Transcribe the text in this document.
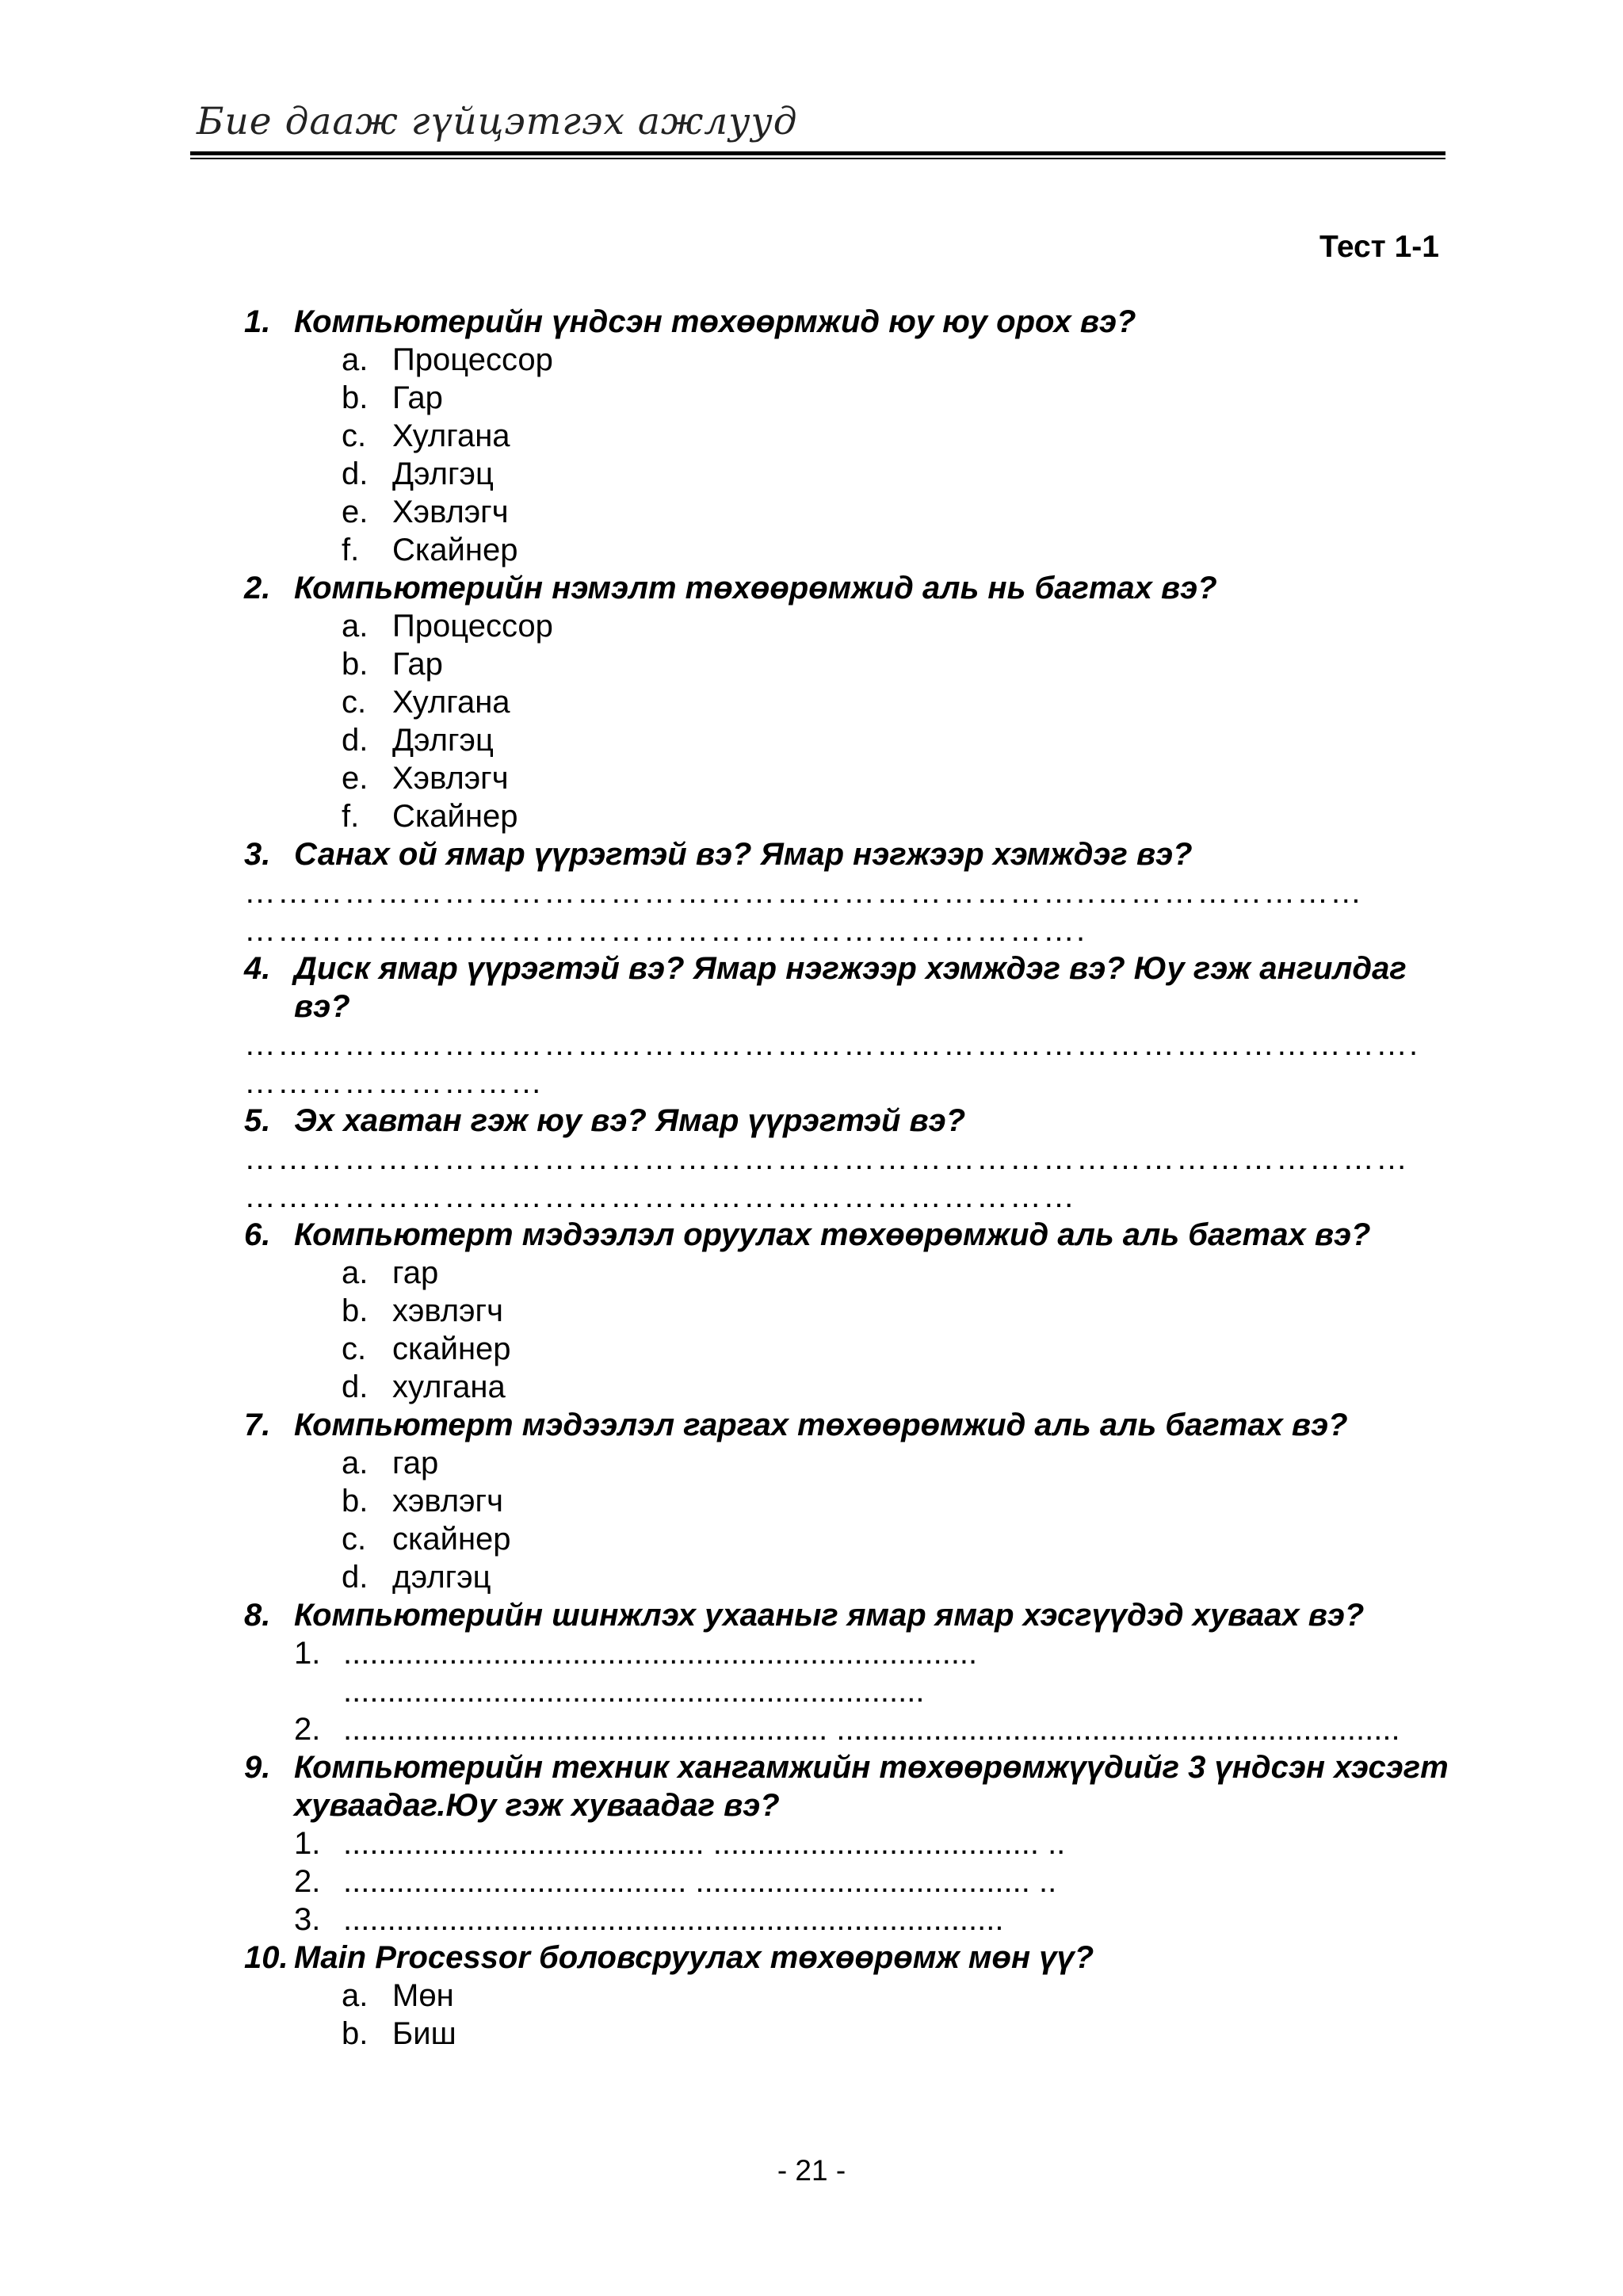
Бие дааж гүйцэтгэх ажлууд
Тест 1-1
1. Компьютерийн үндсэн төхөөрмжид юу юу орох вэ?
a. Процессор
b. Гар
c. Хулгана
d. Дэлгэц
e. Хэвлэгч
f. Скайнер
2. Компьютерийн нэмэлт төхөөрөмжид аль нь багтах вэ?
a. Процессор
b. Гар
c. Хулгана
d. Дэлгэц
e. Хэвлэгч
f. Скайнер
3. Санах ой ямар үүрэгтэй вэ? Ямар нэгжээр хэмждэг вэ?
…………………………………………………………………..……………………
………………………………………………………………….
4. Диск ямар үүрэгтэй вэ? Ямар нэгжээр хэмждэг вэ? Юу гэж ангилдаг вэ?
…………………………………………………………………………………………….
………………………
5. Эх хавтан гэж юу вэ? Ямар үүрэгтэй вэ?
……………………………………………………………………………………………
…………………………………………………………………
6. Компьютерт мэдээлэл оруулах төхөөрөмжид аль аль багтах вэ?
a. гар
b. хэвлэгч
c. скайнер
d. хулгана
7. Компьютерт мэдээлэл гаргах төхөөрөмжид аль аль багтах вэ?
a. гар
b. хэвлэгч
c. скайнер
d. дэлгэц
8. Компьютерийн шинжлэх ухааныг ямар ямар хэсгүүдэд хуваах вэ?
1. ........................................................................
..................................................................
2. ....................................................... ................................................................
9. Компьютерийн техник хангамжийн төхөөрөмжүүдийг 3 үндсэн хэсэгт хуваадаг.Юу гэж хуваадаг вэ?
1. ......................................... ..................................... ..
2. ....................................... ...................................... ..
3. ...........................................................................
10. Main Processor боловсруулах төхөөрөмж мөн үү?
a. Мөн
b. Биш
- 21 -
